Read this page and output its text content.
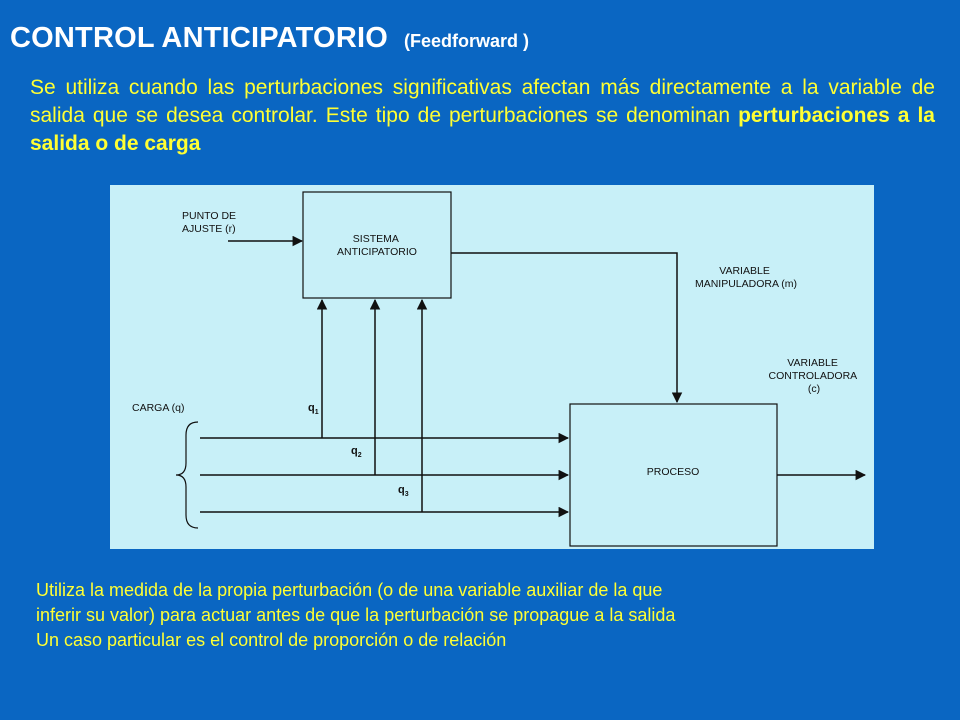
CONTROL ANTICIPATORIO (Feedforward )
Se utiliza cuando las perturbaciones significativas afectan más directamente a la variable de salida que se desea controlar. Este tipo de perturbaciones se denominan perturbaciones a la salida o de carga
PUNTO DE AJUSTE (r)
SISTEMA ANTICIPATORIO
VARIABLE MANIPULADORA (m)
VARIABLE CONTROLADORA (c)
CARGA (q)
PROCESO
$q_1$
$q_2$
$q_3$
Utiliza la medida de la propia perturbación (o de una variable auxiliar de la que
inferir su valor) para actuar antes de que la perturbación se propague a la salida
Un caso particular es el control de proporción o de relación
